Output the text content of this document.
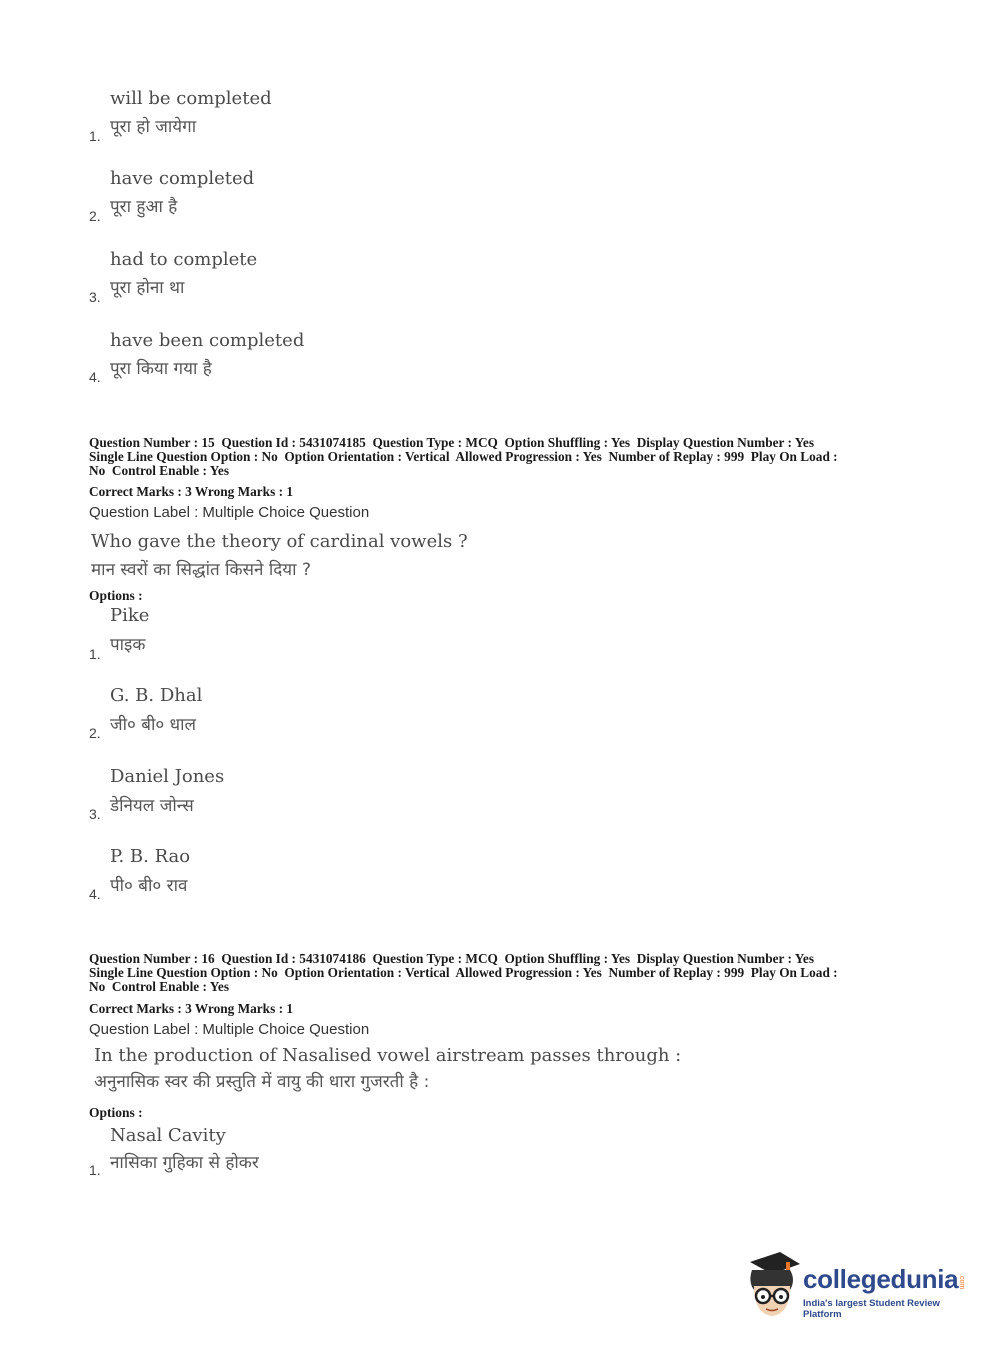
will be completed
पूरा हो जायेगा
1.
have completed
पूरा हुआ है
2.
had to complete
पूरा होना था
3.
have been completed
पूरा किया गया है
4.
Question Number : 15  Question Id : 5431074185  Question Type : MCQ  Option Shuffling : Yes  Display Question Number : Yes
Single Line Question Option : No  Option Orientation : Vertical  Allowed Progression : Yes  Number of Replay : 999  Play On Load :
No  Control Enable : Yes
Correct Marks : 3 Wrong Marks : 1
Question Label : Multiple Choice Question
Who gave the theory of cardinal vowels ?
मान स्वरों का सिद्धांत किसने दिया ?
Options :
Pike
पाइक
1.
G. B. Dhal
जी० बी० धाल
2.
Daniel Jones
डेनियल जोन्स
3.
P. B. Rao
पी० बी० राव
4.
Question Number : 16  Question Id : 5431074186  Question Type : MCQ  Option Shuffling : Yes  Display Question Number : Yes
Single Line Question Option : No  Option Orientation : Vertical  Allowed Progression : Yes  Number of Replay : 999  Play On Load :
No  Control Enable : Yes
Correct Marks : 3 Wrong Marks : 1
Question Label : Multiple Choice Question
In the production of Nasalised vowel airstream passes through :
अनुनासिक स्वर की प्रस्तुति में वायु की धारा गुजरती है :
Options :
Nasal Cavity
नासिका गुहिका से होकर
1.
collegedunia .com
India's largest Student Review Platform
